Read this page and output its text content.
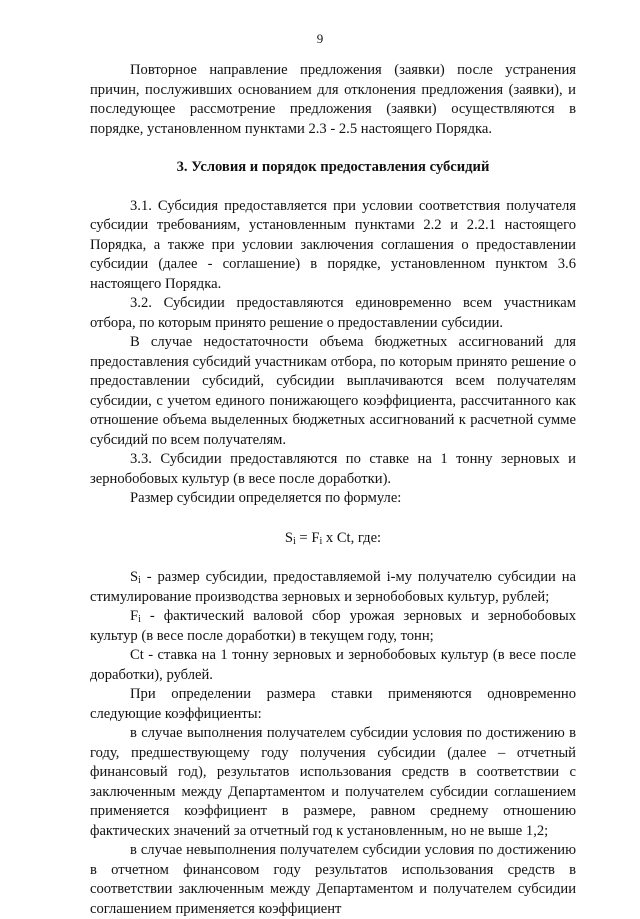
9

Повторное направление предложения (заявки) после устранения причин, послуживших основанием для отклонения предложения (заявки), и последующее рассмотрение предложения (заявки) осуществляются в порядке, установленном пунктами 2.3 - 2.5 настоящего Порядка.

3. Условия и порядок предоставления субсидий

3.1. Субсидия предоставляется при условии соответствия получателя субсидии требованиям, установленным пунктами 2.2 и 2.2.1 настоящего Порядка, а также при условии заключения соглашения о предоставлении субсидии (далее - соглашение) в порядке, установленном пунктом 3.6 настоящего Порядка.

3.2. Субсидии предоставляются единовременно всем участникам отбора, по которым принято решение о предоставлении субсидии.

В случае недостаточности объема бюджетных ассигнований для предоставления субсидий участникам отбора, по которым принято решение о предоставлении субсидий, субсидии выплачиваются всем получателям субсидии, с учетом единого понижающего коэффициента, рассчитанного как отношение объема выделенных бюджетных ассигнований к расчетной сумме субсидий по всем получателям.

3.3. Субсидии предоставляются по ставке на 1 тонну зерновых и зернобобовых культур (в весе после доработки).

Размер субсидии определяется по формуле:

$S_i = F_i$ x Ct, где:

$S_i$ - размер субсидии, предоставляемой i-му получателю субсидии на стимулирование производства зерновых и зернобобовых культур, рублей;

$F_i$ - фактический валовой сбор урожая зерновых и зернобобовых культур (в весе после доработки) в текущем году, тонн;

Ct - ставка на 1 тонну зерновых и зернобобовых культур (в весе после доработки), рублей.

При определении размера ставки применяются одновременно следующие коэффициенты:

в случае выполнения получателем субсидии условия по достижению в году, предшествующему году получения субсидии (далее – отчетный финансовый год), результатов использования средств в соответствии с заключенным между Департаментом и получателем субсидии соглашением применяется коэффициент в размере, равном среднему отношению фактических значений за отчетный год к установленным, но не выше 1,2;

в случае невыполнения получателем субсидии условия по достижению в отчетном финансовом году результатов использования средств в соответствии заключенным между Департаментом и получателем субсидии соглашением применяется коэффициент
